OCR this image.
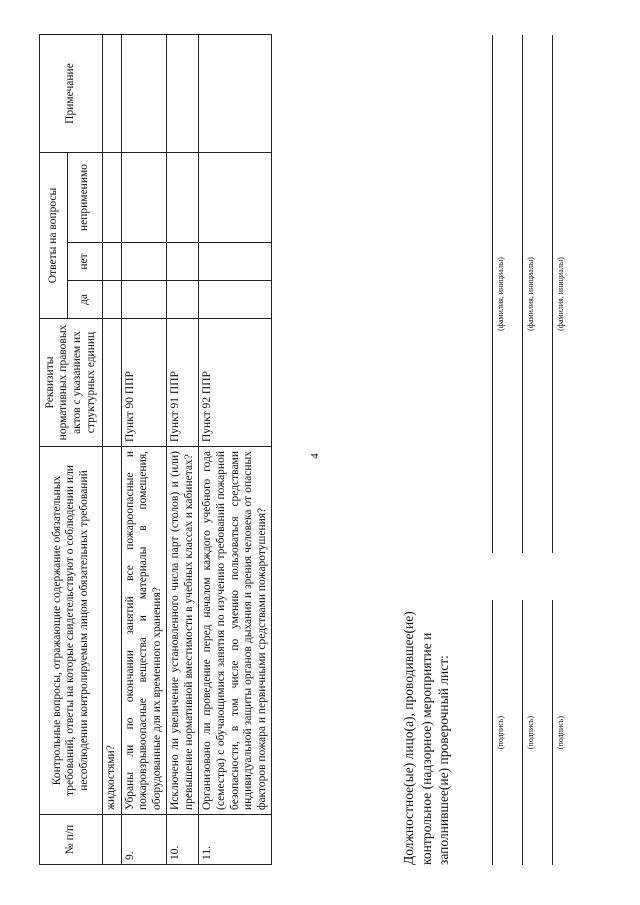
4
№ п/п	Контрольные вопросы, отражающие содержание обязательных требований, ответы на которые свидетельствуют о соблюдении или несоблюдении контролируемым лицом обязательных требований	Реквизиты нормативных правовых актов с указанием их структурных единиц	Ответы на вопросы			Примечание
			да	нет	неприменимо	
	жидкостями?					
9.	Убраны ли по окончании занятий все пожароопасные и пожаровзрывоопасные вещества и материалы в помещения, оборудованные для их временного хранения?	Пункт 90 ППР				
10.	Исключено ли увеличение установленного числа парт (столов) и (или) превышение нормативной вместимости в учебных классах и кабинетах?	Пункт 91 ППР				
11.	Организовано ли проведение перед началом каждого учебного года (семестра) с обучающимися занятия по изучению требований пожарной безопасности, в том числе по умению пользоваться средствами индивидуальной защиты органов дыхания и зрения человека от опасных факторов пожара и первичными средствами пожаротушения?	Пункт 92 ППР				
Должностное(ые) лицо(а), проводившее(ие) контрольное (надзорное) мероприятие и заполнившее(ие) проверочный лист:	(подпись)
(фамилия, инициалы)
(подпись)
(фамилия, инициалы)
(подпись)
(фамилия, инициалы)
